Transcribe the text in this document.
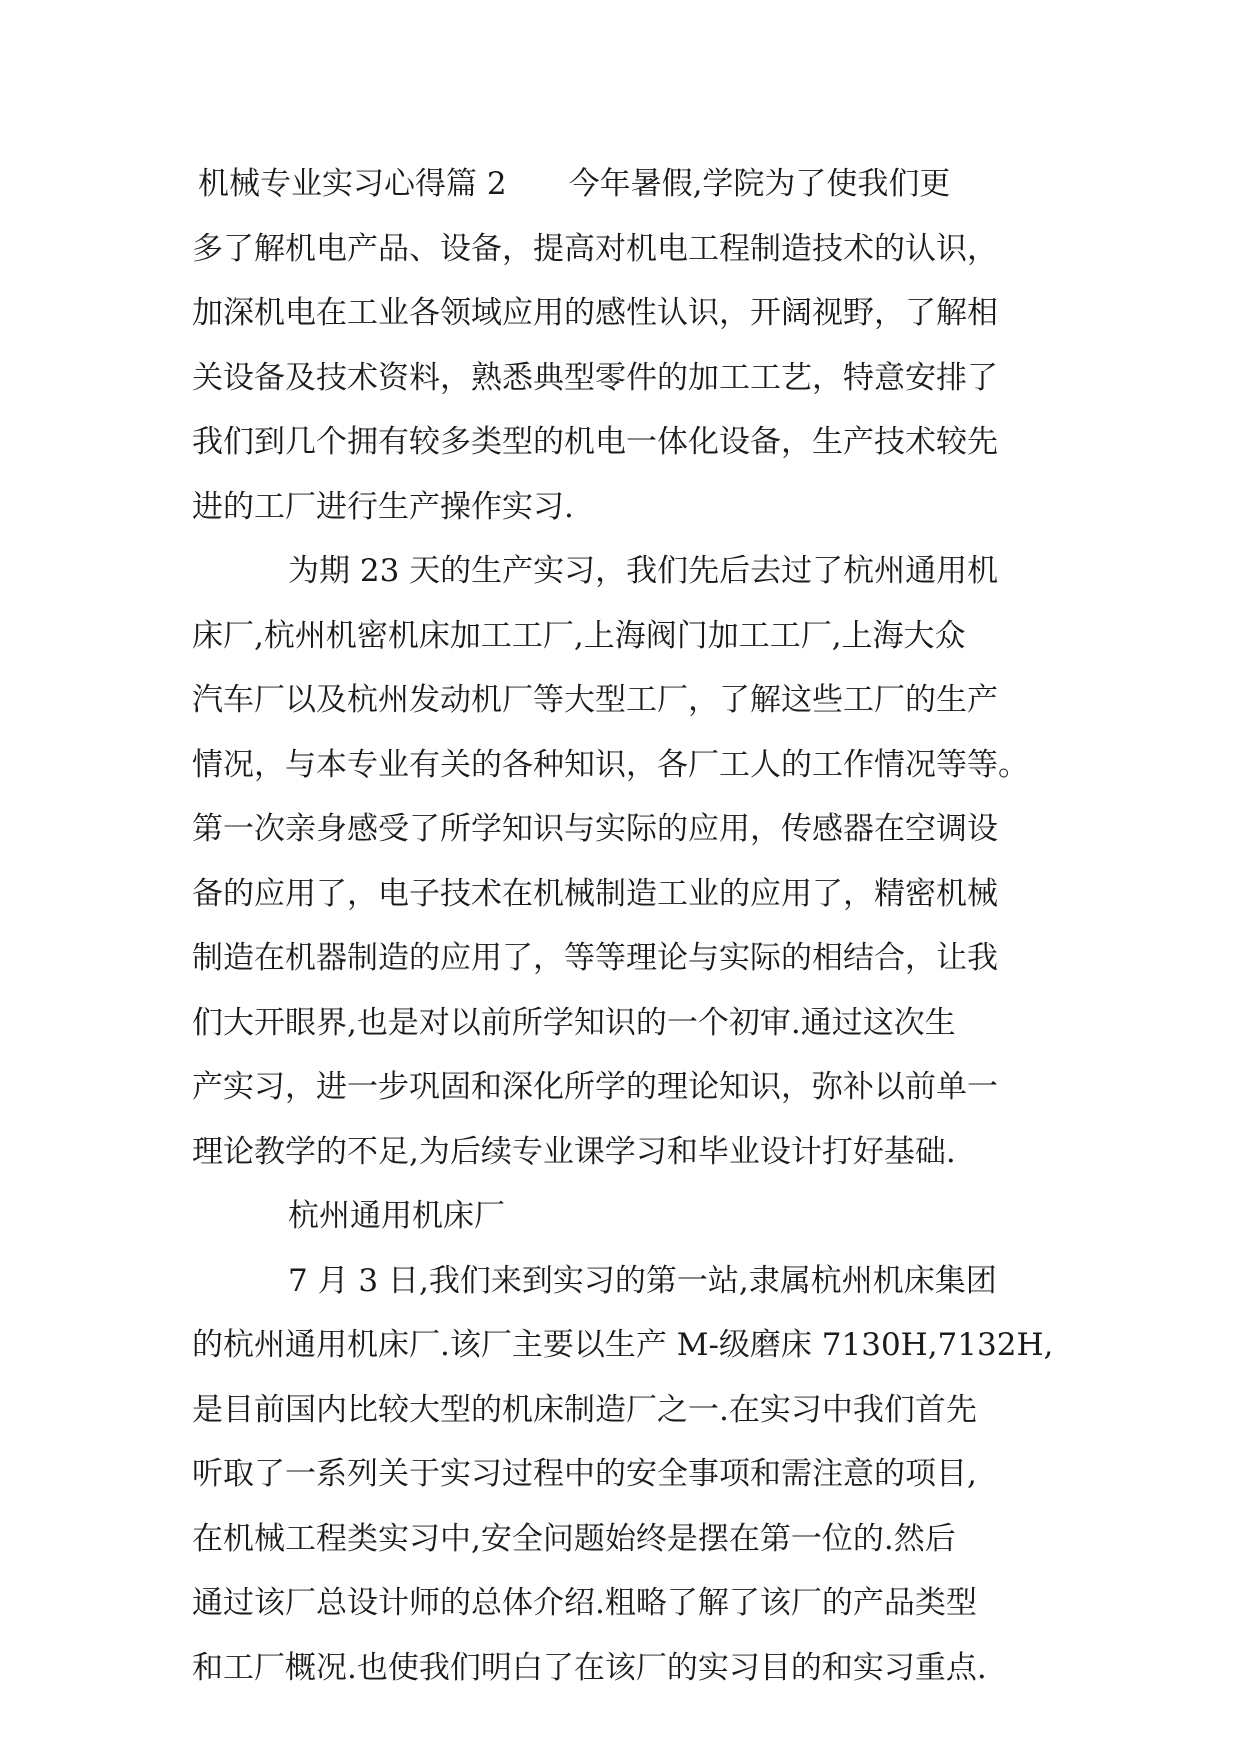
机械专业实习心得篇 2　　今年暑假,学院为了使我们更
多了解机电产品、设备，提高对机电工程制造技术的认识，
加深机电在工业各领域应用的感性认识，开阔视野，了解相
关设备及技术资料，熟悉典型零件的加工工艺，特意安排了
我们到几个拥有较多类型的机电一体化设备，生产技术较先
进的工厂进行生产操作实习.
为期 23 天的生产实习，我们先后去过了杭州通用机
床厂,杭州机密机床加工工厂,上海阀门加工工厂,上海大众
汽车厂以及杭州发动机厂等大型工厂，了解这些工厂的生产
情况，与本专业有关的各种知识，各厂工人的工作情况等等。
第一次亲身感受了所学知识与实际的应用，传感器在空调设
备的应用了，电子技术在机械制造工业的应用了，精密机械
制造在机器制造的应用了，等等理论与实际的相结合，让我
们大开眼界,也是对以前所学知识的一个初审.通过这次生
产实习，进一步巩固和深化所学的理论知识，弥补以前单一
理论教学的不足,为后续专业课学习和毕业设计打好基础.
杭州通用机床厂
7 月 3 日,我们来到实习的第一站,隶属杭州机床集团
的杭州通用机床厂.该厂主要以生产 M-级磨床 7130H,7132H,
是目前国内比较大型的机床制造厂之一.在实习中我们首先
听取了一系列关于实习过程中的安全事项和需注意的项目,
在机械工程类实习中,安全问题始终是摆在第一位的.然后
通过该厂总设计师的总体介绍.粗略了解了该厂的产品类型
和工厂概况.也使我们明白了在该厂的实习目的和实习重点.
